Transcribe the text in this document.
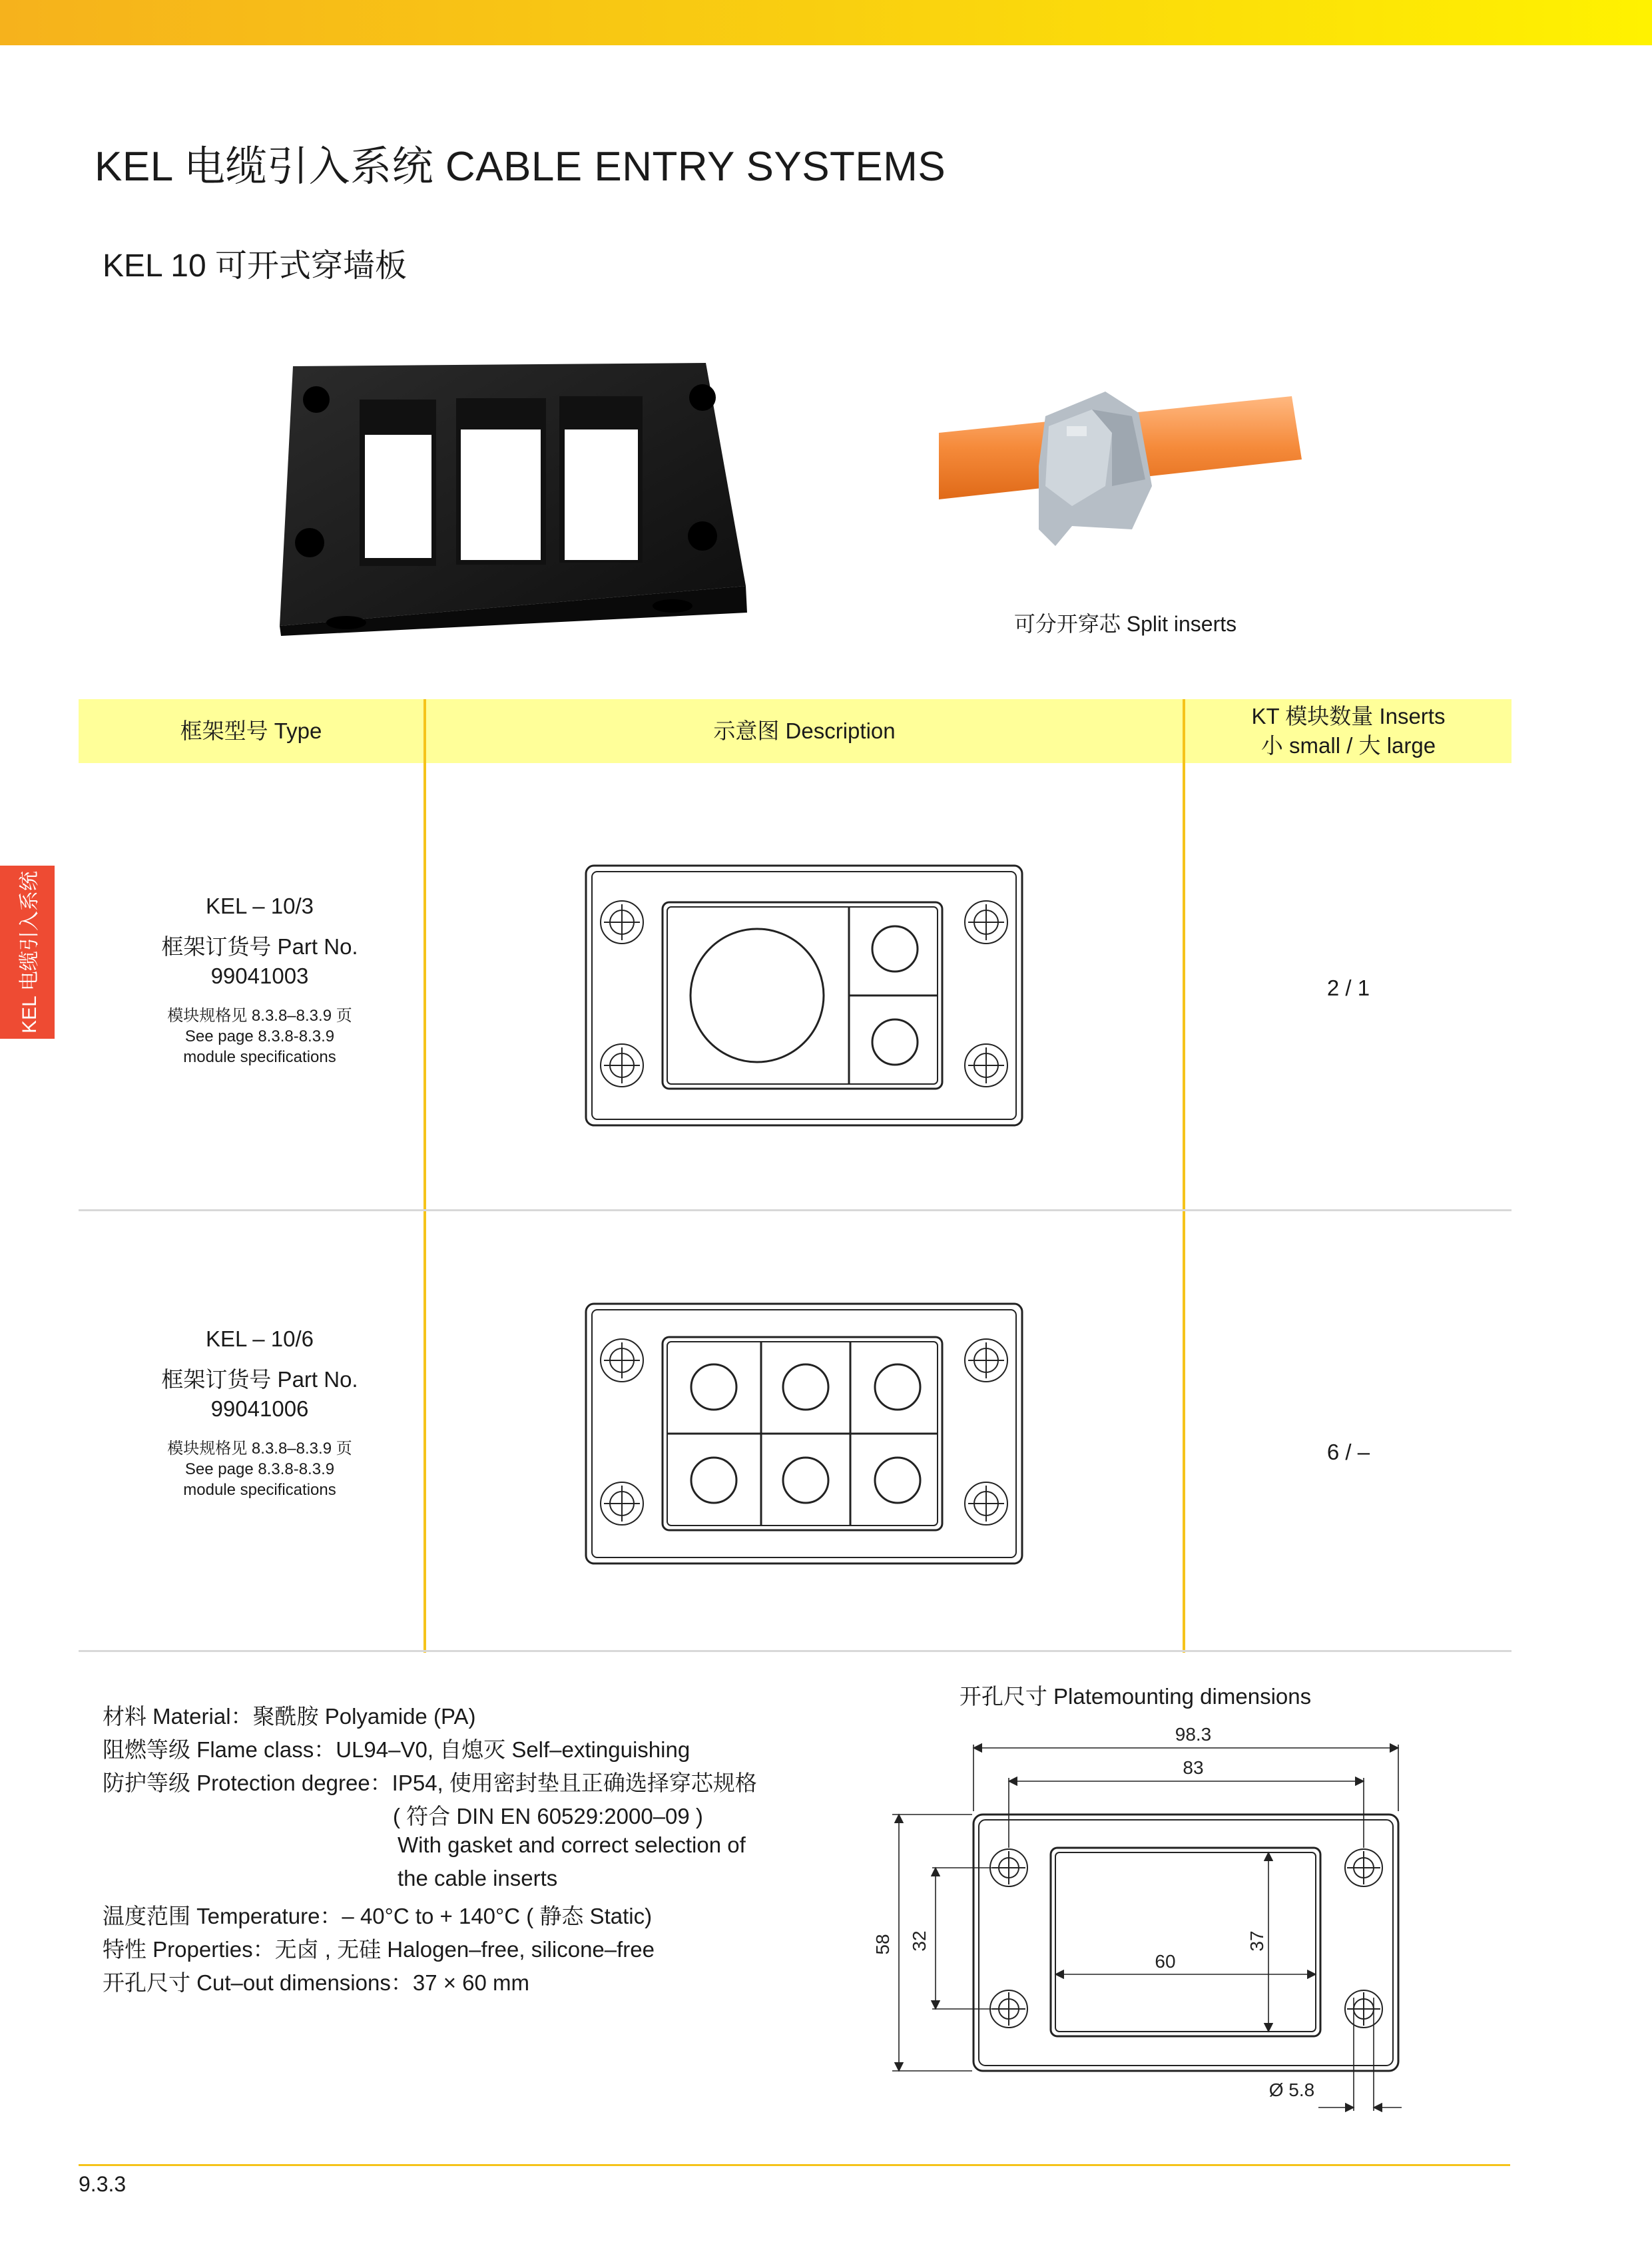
KEL 电缆引入系统 CABLE ENTRY SYSTEMS
KEL 10 可开式穿墙板
KEL 电缆引入系统
可分开穿芯 Split inserts
框架型号 Type	示意图 Description
KT 模块数量 Inserts
小 small / 大 large
KEL – 10/3
框架订货号 Part No.
99041003
模块规格见 8.3.8–8.3.9 页
See page 8.3.8-8.3.9
module specifications
2 / 1
KEL – 10/6
框架订货号 Part No.
99041006
模块规格见 8.3.8–8.3.9 页
See page 8.3.8-8.3.9
module specifications
6 / –
材料 Material：聚酰胺 Polyamide (PA)
阻燃等级 Flame class：UL94–V0, 自熄灭 Self–extinguishing
防护等级 Protection degree：IP54, 使用密封垫且正确选择穿芯规格
( 符合 DIN EN 60529:2000–09 )
With gasket and correct selection of
the cable inserts
温度范围 Temperature：– 40°C to + 140°C ( 静态 Static)
特性 Properties：无卤 , 无硅 Halogen–free, silicone–free
开孔尺寸 Cut–out dimensions：37 × 60 mm
开孔尺寸 Platemounting dimensions
98.3
83
58 32	37
60
Ø 5.8
9.3.3
